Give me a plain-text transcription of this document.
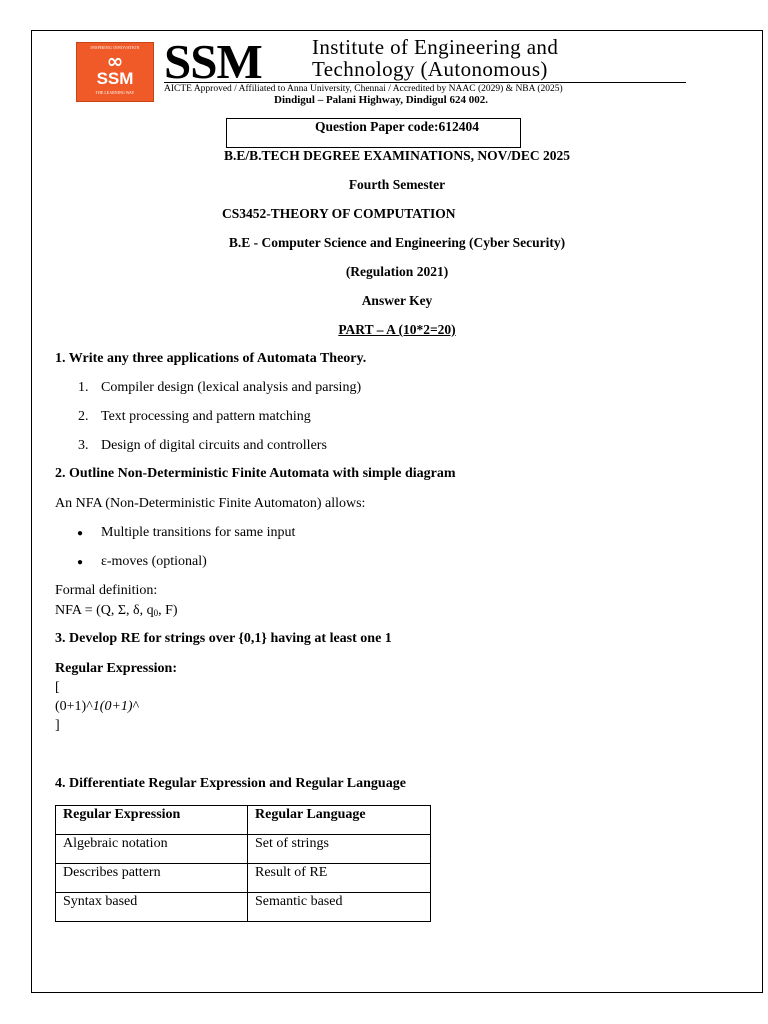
INSPIRING INNOVATION
∞
SSM
THE LEARNING WAY
SSM Institute of Engineering and
Technology (Autonomous)
AICTE Approved / Affiliated to Anna University, Chennai / Accredited by NAAC (2029) & NBA (2025)
Dindigul – Palani Highway, Dindigul 624 002.
Question Paper code:612404
B.E/B.TECH DEGREE EXAMINATIONS, NOV/DEC 2025
Fourth Semester
CS3452-THEORY OF COMPUTATION
B.E - Computer Science and Engineering (Cyber Security)
(Regulation 2021)
Answer Key
PART – A (10*2=20)
1. Write any three applications of Automata Theory.
1. Compiler design (lexical analysis and parsing)
2. Text processing and pattern matching
3. Design of digital circuits and controllers
2. Outline Non-Deterministic Finite Automata with simple diagram
An NFA (Non-Deterministic Finite Automaton) allows:
● Multiple transitions for same input
● ε-moves (optional)
Formal definition:
NFA = (Q, Σ, δ, $q_0$, F)
3. Develop RE for strings over {0,1} having at least one 1
Regular Expression:
[
(0+1)^1(0+1)^
]
4. Differentiate Regular Expression and Regular Language
Regular Expression	Regular Language
Algebraic notation	Set of strings
Describes pattern	Result of RE
Syntax based	Semantic based
